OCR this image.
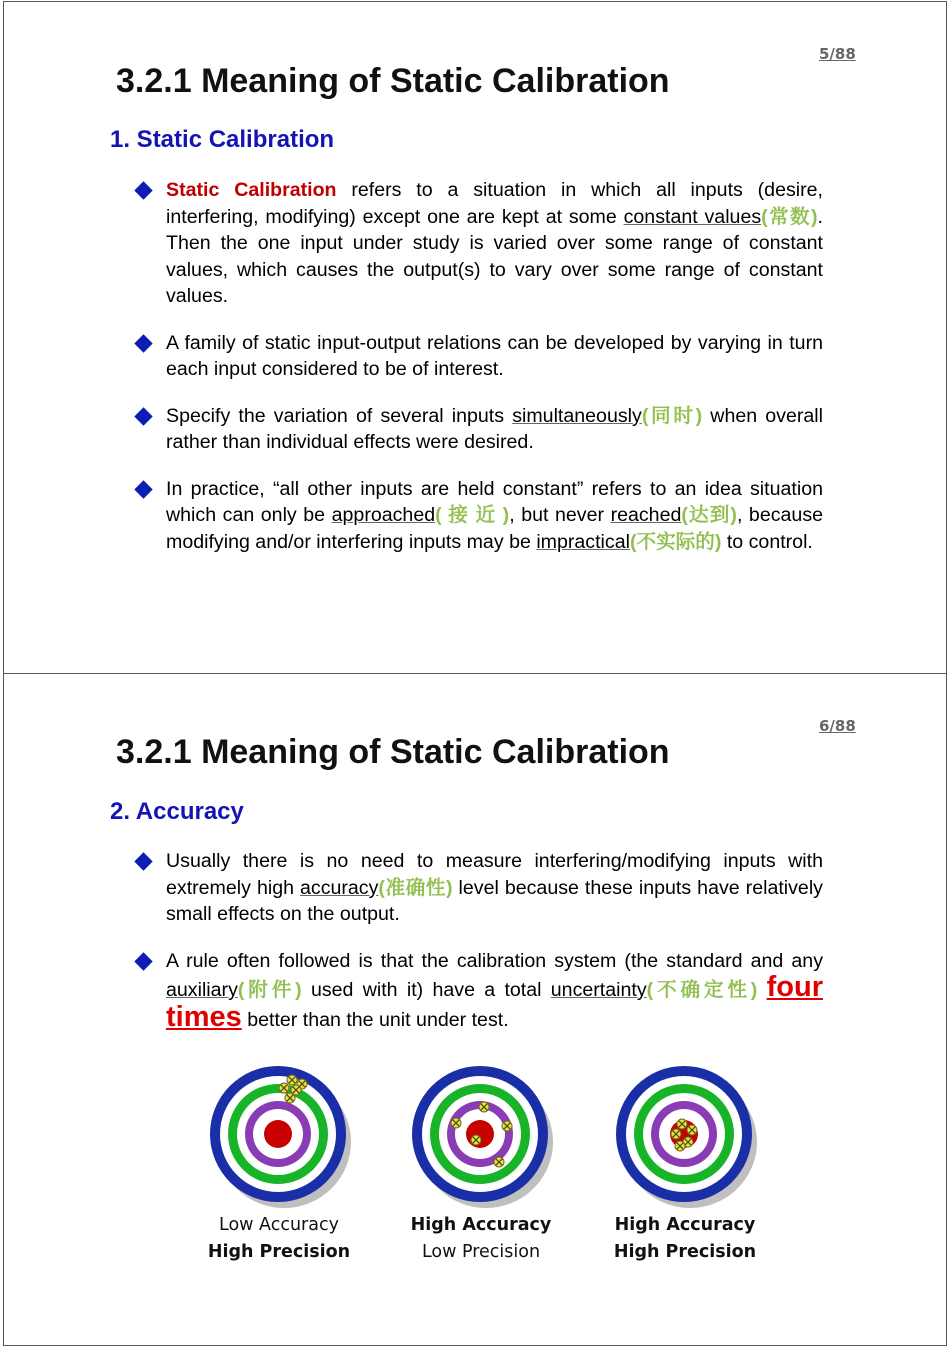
5/88
3.2.1 Meaning of Static Calibration
1. Static Calibration
Static Calibration refers to a situation in which all inputs (desire, interfering, modifying) except one are kept at some constant values(常数). Then the one input under study is varied over some range of constant values, which causes the output(s) to vary over some range of constant values.
A family of static input-output relations can be developed by varying in turn each input considered to be of interest.
Specify the variation of several inputs simultaneously(同时) when overall rather than individual effects were desired.
In practice, “all other inputs are held constant” refers to an idea situation which can only be approached( 接 近 ), but never reached(达到), because modifying and/or interfering inputs may be impractical(不实际的) to control.
6/88
3.2.1 Meaning of Static Calibration
2. Accuracy
Usually there is no need to measure interfering/modifying inputs with extremely high accuracy(准确性) level because these inputs have relatively small effects on the output.
A rule often followed is that the calibration system (the standard and any auxiliary(附件) used with it) have a total uncertainty(不确定性) four times better than the unit under test.
Low Accuracy
High Precision
High Accuracy
Low Precision
High Accuracy
High Precision
